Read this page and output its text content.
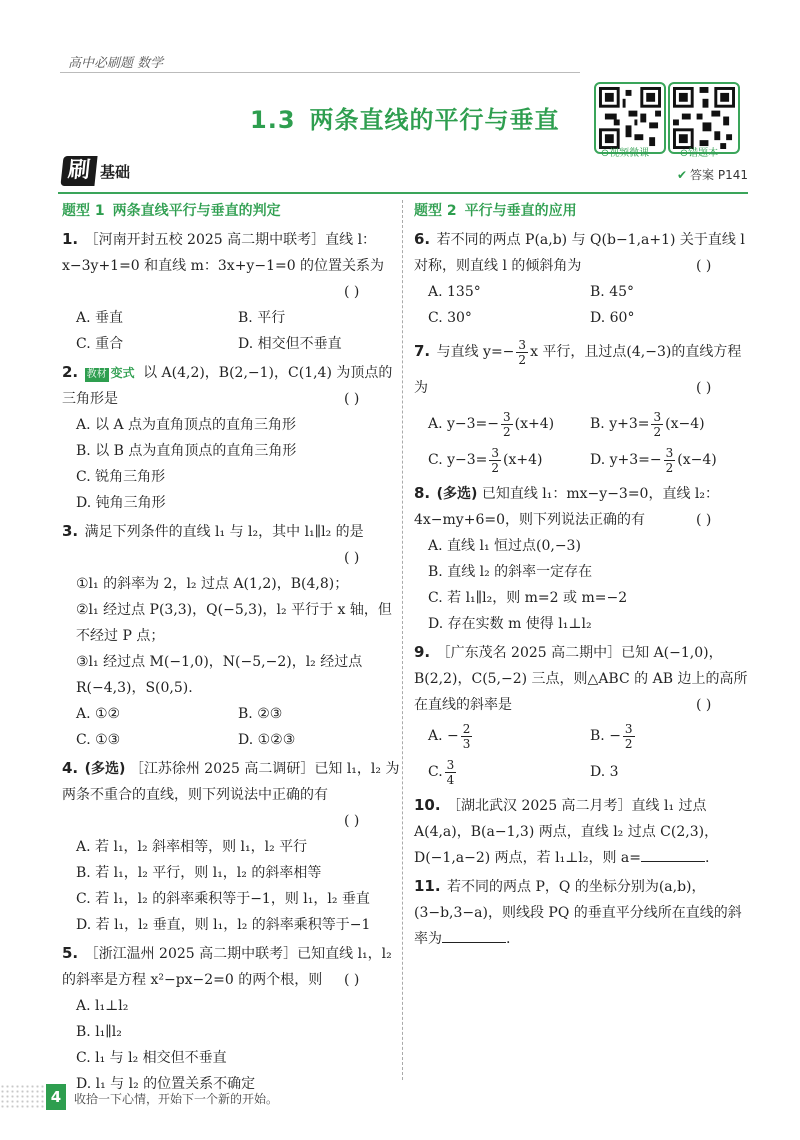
高中必刷题 数学
1.3 两条直线的平行与垂直
⊙视频微课	⊙错题本
刷 基础	✔ 答案 P141
题型 1 两条直线平行与垂直的判定
1. ［河南开封五校 2025 高二期中联考］直线 l：x−3y+1=0 和直线 m：3x+y−1=0 的位置关系为
( )

A. 垂直	B. 平行
C. 重合	D. 相交但不垂直
2. 教材 变式 以 A(4,2)，B(2,−1)，C(1,4) 为顶点的三角形是	( )
A. 以 A 点为直角顶点的直角三角形
B. 以 B 点为直角顶点的直角三角形
C. 锐角三角形
D. 钝角三角形
3. 满足下列条件的直线 l₁ 与 l₂，其中 l₁∥l₂ 的是
( )

①l₁ 的斜率为 2，l₂ 过点 A(1,2)，B(4,8)；
②l₁ 经过点 P(3,3)，Q(−5,3)，l₂ 平行于 x 轴，但不经过 P 点；
③l₁ 经过点 M(−1,0)，N(−5,−2)，l₂ 经过点 R(−4,3)，S(0,5).
A. ①②	B. ②③
C. ①③	D. ①②③
4. (多选) ［江苏徐州 2025 高二调研］已知 l₁，l₂ 为两条不重合的直线，则下列说法中正确的有
( )

A. 若 l₁，l₂ 斜率相等，则 l₁，l₂ 平行
B. 若 l₁，l₂ 平行，则 l₁，l₂ 的斜率相等
C. 若 l₁，l₂ 的斜率乘积等于−1，则 l₁，l₂ 垂直
D. 若 l₁，l₂ 垂直，则 l₁，l₂ 的斜率乘积等于−1
5. ［浙江温州 2025 高二期中联考］已知直线 l₁，l₂ 的斜率是方程 x²−px−2=0 的两个根，则 ( )
A. l₁⊥l₂
B. l₁∥l₂
C. l₁ 与 l₂ 相交但不垂直
D. l₁ 与 l₂ 的位置关系不确定
题型 2 平行与垂直的应用
6. 若不同的两点 P(a,b) 与 Q(b−1,a+1) 关于直线 l 对称，则直线 l 的倾斜角为	( )
A. 135°	B. 45°
C. 30°	D. 60°
7. 与直线 $y=- \frac{3}{2}$ x 平行，且过点(4,−3)的直线方程为	( )
A. $y-3=- \frac{3}{2} (x+4)$	B. $y+3= \frac{3}{2} (x-4)$
C. $y-3= \frac{3}{2} (x+4)$	D. $y+3=- \frac{3}{2} (x-4)$
8. (多选) 已知直线 l₁：mx−y−3=0，直线 l₂：4x−my+6=0，则下列说法正确的有	( )
A. 直线 l₁ 恒过点(0,−3)
B. 直线 l₂ 的斜率一定存在
C. 若 l₁∥l₂，则 m=2 或 m=−2
D. 存在实数 m 使得 l₁⊥l₂
9. ［广东茂名 2025 高二期中］已知 A(−1,0)，B(2,2)，C(5,−2) 三点，则△ABC 的 AB 边上的高所在直线的斜率是	( )
A. − $\frac{2}{3}$	B. − $\frac{3}{2}$
C. $\frac{3}{4}$	D. 3
10. ［湖北武汉 2025 高二月考］直线 l₁ 过点 A(4,a)，B(a−1,3) 两点，直线 l₂ 过点 C(2,3)，D(−1,a−2) 两点，若 l₁⊥l₂，则 a=	.
11. 若不同的两点 P，Q 的坐标分别为(a,b)，(3−b,3−a)，则线段 PQ 的垂直平分线所在直线的斜率为	.
4	收拾一下心情，开始下一个新的开始。
